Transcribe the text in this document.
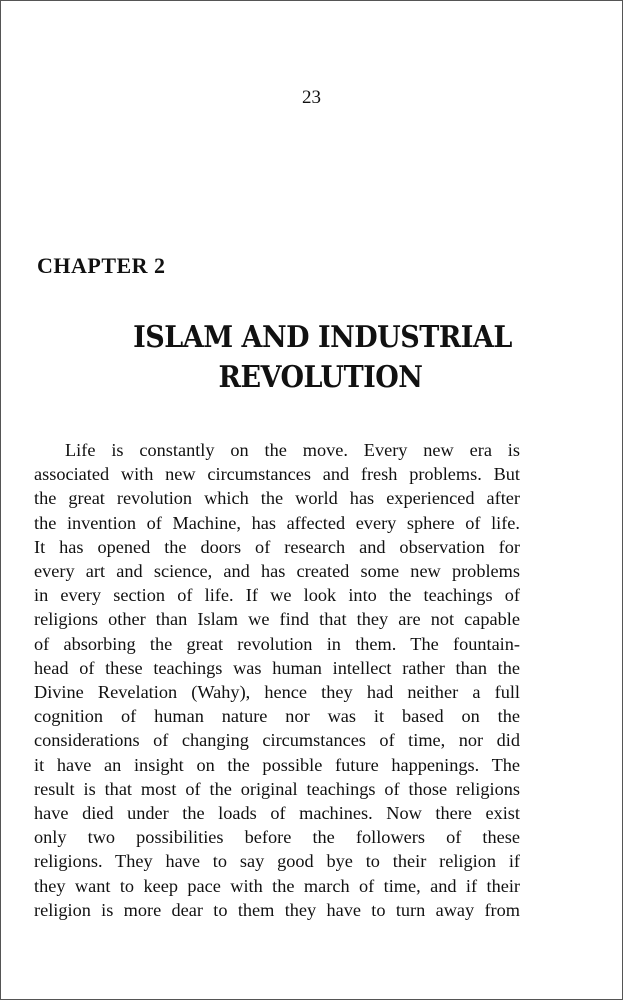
23
CHAPTER 2
ISLAM AND INDUSTRIAL
REVOLUTION
Life is constantly on the move. Every new era is
associated with new circumstances and fresh problems. But
the great revolution which the world has experienced after
the invention of Machine, has affected every sphere of life.
It has opened the doors of research and observation for
every art and science, and has created some new problems
in every section of life. If we look into the teachings of
religions other than Islam we find that they are not capable
of absorbing the great revolution in them. The fountain-
head of these teachings was human intellect rather than the
Divine Revelation (Wahy), hence they had neither a full
cognition of human nature nor was it based on the
considerations of changing circumstances of time, nor did
it have an insight on the possible future happenings. The
result is that most of the original teachings of those religions
have died under the loads of machines. Now there exist
only two possibilities before the followers of these
religions. They have to say good bye to their religion if
they want to keep pace with the march of time, and if their
religion is more dear to them they have to turn away from
